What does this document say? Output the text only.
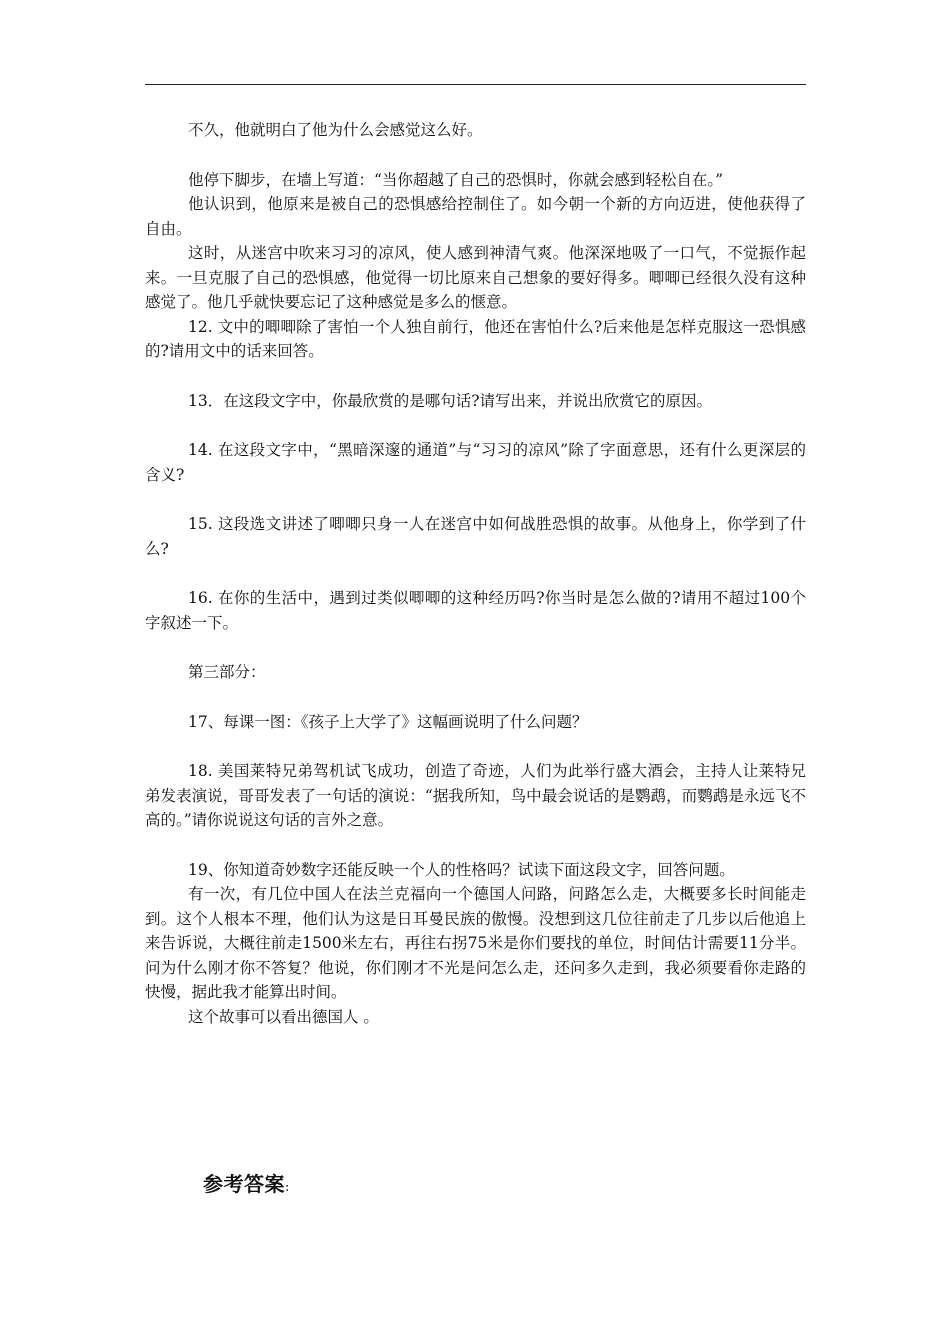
不久，他就明白了他为什么会感觉这么好。

他停下脚步，在墙上写道：“当你超越了自己的恐惧时，你就会感到轻松自在。”

他认识到，他原来是被自己的恐惧感给控制住了。如今朝一个新的方向迈进，使他获得了自由。

这时，从迷宫中吹来习习的凉风，使人感到神清气爽。他深深地吸了一口气，不觉振作起来。一旦克服了自己的恐惧感，他觉得一切比原来自己想象的要好得多。唧唧已经很久没有这种感觉了。他几乎就快要忘记了这种感觉是多么的惬意。

12. 文中的唧唧除了害怕一个人独自前行，他还在害怕什么?后来他是怎样克服这一恐惧感的?请用文中的话来回答。

13．在这段文字中，你最欣赏的是哪句话?请写出来，并说出欣赏它的原因。

14. 在这段文字中，“黑暗深邃的通道”与“习习的凉风”除了字面意思，还有什么更深层的含义?

15. 这段选文讲述了唧唧只身一人在迷宫中如何战胜恐惧的故事。从他身上，你学到了什么?

16. 在你的生活中，遇到过类似唧唧的这种经历吗?你当时是怎么做的?请用不超过100个字叙述一下。

第三部分：

17、每课一图：《孩子上大学了》这幅画说明了什么问题？

18. 美国莱特兄弟驾机试飞成功，创造了奇迹，人们为此举行盛大酒会，主持人让莱特兄弟发表演说，哥哥发表了一句话的演说：“据我所知，鸟中最会说话的是鹦鹉，而鹦鹉是永远飞不高的。”请你说说这句话的言外之意。

19、你知道奇妙数字还能反映一个人的性格吗？试读下面这段文字，回答问题。

有一次，有几位中国人在法兰克福向一个德国人问路，问路怎么走，大概要多长时间能走到。这个人根本不理，他们认为这是日耳曼民族的傲慢。没想到这几位往前走了几步以后他追上来告诉说，大概往前走1500米左右，再往右拐75米是你们要找的单位，时间估计需要11分半。问为什么刚才你不答复？他说，你们刚才不光是问怎么走，还问多久走到，我必须要看你走路的快慢，据此我才能算出时间。

这个故事可以看出德国人 。

参考答案:
